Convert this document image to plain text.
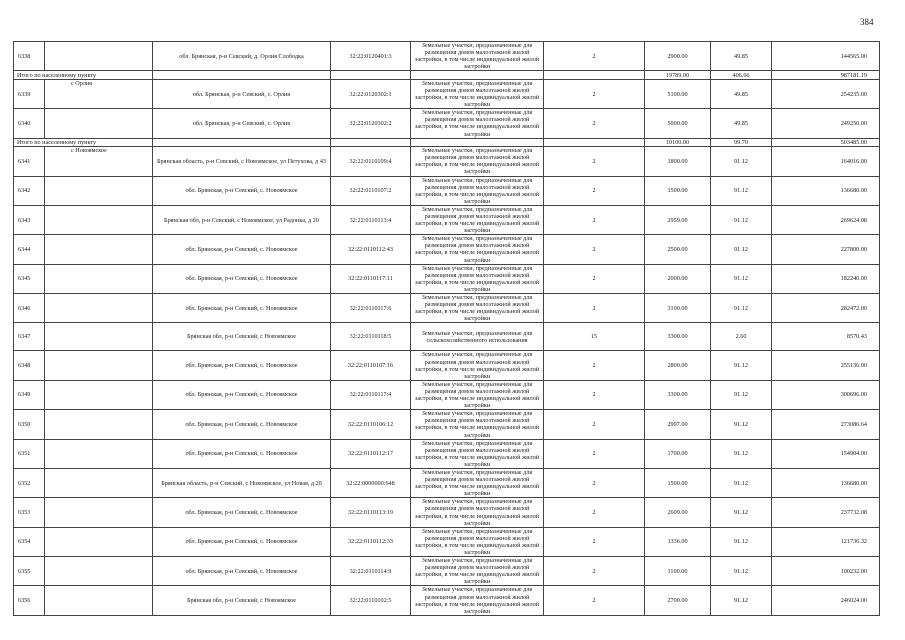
384
6338		обл. Брянская, р-н Севский, д. Орлия Слободка	32:22:0120401:3	Земельные участки, предназначенные для размещения домов малоэтажной жилой застройки, в том числе индивидуальной жилой застройки	2	2900.00	49.85	144565.00
Итого по населенному пункту						19789.00	406.66	987181.19
6339	с Орлия	обл. Брянская, р-н Севский, с. Орлия	32:22:0120302:1	Земельные участки, предназначенные для размещения домов малоэтажной жилой застройки, в том числе индивидуальной жилой застройки	2	5100.00	49.85	254235.00
6340		обл. Брянская, р-н Севский, с. Орлия	32:22:0120302:2	Земельные участки, предназначенные для размещения домов малоэтажной жилой застройки, в том числе индивидуальной жилой застройки	2	5000.00	49.85	249250.00
Итого по населенному пункту						10100.00	99.70	503485.00
6341	с Новоямское	Брянская область, р-н Севский, с Новоямское, ул Петухова, д 43	32:22:0110109:4	Земельные участки, предназначенные для размещения домов малоэтажной жилой застройки, в том числе индивидуальной жилой застройки	2	1800.00	91.12	164016.00
6342		обл. Брянская, р-н Севский, с. Новоямское	32:22:0110107:2	Земельные участки, предназначенные для размещения домов малоэтажной жилой застройки, в том числе индивидуальной жилой застройки	2	1500.00	91.12	136680.00
6343		Брянская обл, р-н Севский, с Новоямское, ул Радонка, д 20	32:22:0110113:4	Земельные участки, предназначенные для размещения домов малоэтажной жилой застройки, в том числе индивидуальной жилой застройки	2	2959.00	91.12	269624.08
6344		обл. Брянская, р-н Севский, с. Новоямское	32:22:0110112:43	Земельные участки, предназначенные для размещения домов малоэтажной жилой застройки, в том числе индивидуальной жилой застройки	2	2500.00	91.12	227800.00
6345		обл. Брянская, р-н Севский, с. Новоямское	32:22:0110117:11	Земельные участки, предназначенные для размещения домов малоэтажной жилой застройки, в том числе индивидуальной жилой застройки	2	2000.00	91.12	182240.00
6346		обл. Брянская, р-н Севский, с. Новоямское	32:22:0110117:6	Земельные участки, предназначенные для размещения домов малоэтажной жилой застройки, в том числе индивидуальной жилой застройки	2	3100.00	91.12	282472.00
6347		Брянская обл, р-н Севский, с Новоямское	32:22:0110118:5	Земельные участки, предназначенные для сельскохозяйственного использования	15	3300.00	2.60	8570.43
6348		обл. Брянская, р-н Севский, с. Новоямское	32:22:0110107:16	Земельные участки, предназначенные для размещения домов малоэтажной жилой застройки, в том числе индивидуальной жилой застройки	2	2800.00	91.12	255136.00
6349		обл. Брянская, р-н Севский, с. Новоямское	32:22:0110117:4	Земельные участки, предназначенные для размещения домов малоэтажной жилой застройки, в том числе индивидуальной жилой застройки	2	3300.00	91.12	300696.00
6350		обл. Брянская, р-н Севский, с. Новоямское	32:22:0110106:12	Земельные участки, предназначенные для размещения домов малоэтажной жилой застройки, в том числе индивидуальной жилой застройки	2	2997.00	91.12	273086.64
6351		обл. Брянская, р-н Севский, с. Новоямское	32:22:0110112:17	Земельные участки, предназначенные для размещения домов малоэтажной жилой застройки, в том числе индивидуальной жилой застройки	2	1700.00	91.12	154904.00
6352		Брянская область, р-н Севский, с Новоямское, ул Новая, д 20	32:22:0000000:648	Земельные участки, предназначенные для размещения домов малоэтажной жилой застройки, в том числе индивидуальной жилой застройки	2	1500.00	91.12	136680.00
6353		обл. Брянская, р-н Севский, с. Новоямское	32:22:0110113:19	Земельные участки, предназначенные для размещения домов малоэтажной жилой застройки, в том числе индивидуальной жилой застройки	2	2609.00	91.12	237732.08
6354		обл. Брянская, р-н Севский, с. Новоямское	32:22:0110112:33	Земельные участки, предназначенные для размещения домов малоэтажной жилой застройки, в том числе индивидуальной жилой застройки	2	1336.00	91.12	121736.32
6355		обл. Брянская, р-н Севский, с. Новоямское	32:22:0110114:9	Земельные участки, предназначенные для размещения домов малоэтажной жилой застройки, в том числе индивидуальной жилой застройки	2	1100.00	91.12	100232.00
6356		Брянская обл, р-н Севский, с Новоямское	32:22:0110102:5	Земельные участки, предназначенные для размещения домов малоэтажной жилой застройки, в том числе индивидуальной жилой застройки	2	2700.00	91.12	246024.00
